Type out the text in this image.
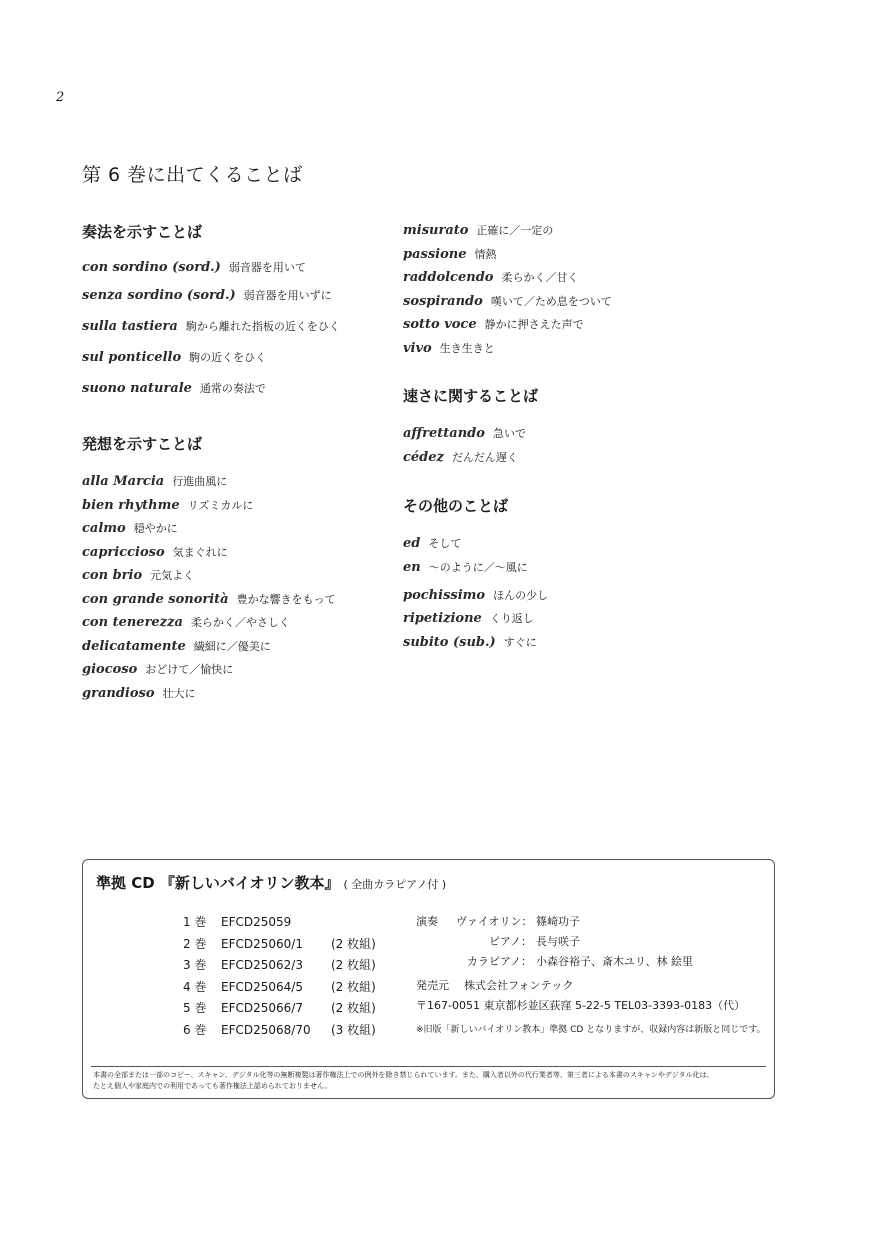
2
第 6 巻に出てくることば
奏法を示すことば
con sordino (sord.) 弱音器を用いて
senza sordino (sord.) 弱音器を用いずに
sulla tastiera 駒から離れた指板の近くをひく
sul ponticello 駒の近くをひく
suono naturale 通常の奏法で
発想を示すことば
alla Marcia 行進曲風に
bien rhythme リズミカルに
calmo 穏やかに
capriccioso 気まぐれに
con brio 元気よく
con grande sonorità 豊かな響きをもって
con tenerezza 柔らかく／やさしく
delicatamente 繊細に／優美に
giocoso おどけて／愉快に
grandioso 壮大に
misurato 正確に／一定の
passione 情熱
raddolcendo 柔らかく／甘く
sospirando 嘆いて／ため息をついて
sotto voce 静かに押さえた声で
vivo 生き生きと
速さに関することば
affrettando 急いで
cédez だんだん遅く
その他のことば
ed そして
en 〜のように／〜風に
pochissimo ほんの少し
ripetizione くり返し
subito (sub.) すぐに
準拠 CD 『新しいバイオリン教本』 ( 全曲カラピアノ付 )
1 巻 EFCD25059
2 巻 EFCD25060/1 (2 枚組)
3 巻 EFCD25062/3 (2 枚組)
4 巻 EFCD25064/5 (2 枚組)
5 巻 EFCD25066/7 (2 枚組)
6 巻 EFCD25068/70 (3 枚組)
演奏 ヴァイオリン： 篠崎功子
ピアノ： 長与咲子
カラピアノ： 小森谷裕子、斎木ユリ、林 絵里
発売元 株式会社フォンテック
〒167-0051 東京都杉並区荻窪 5-22-5 TEL03-3393-0183（代）
※旧版「新しいバイオリン教本」準拠 CD となりますが、収録内容は新版と同じです。
本書の全部または一部のコピー、スキャン、デジタル化等の無断複製は著作権法上での例外を除き禁じられています。また、購入者以外の代行業者等、第三者による本書のスキャンやデジタル化は、
たとえ個人や家庭内での利用であっても著作権法上認められておりません。
